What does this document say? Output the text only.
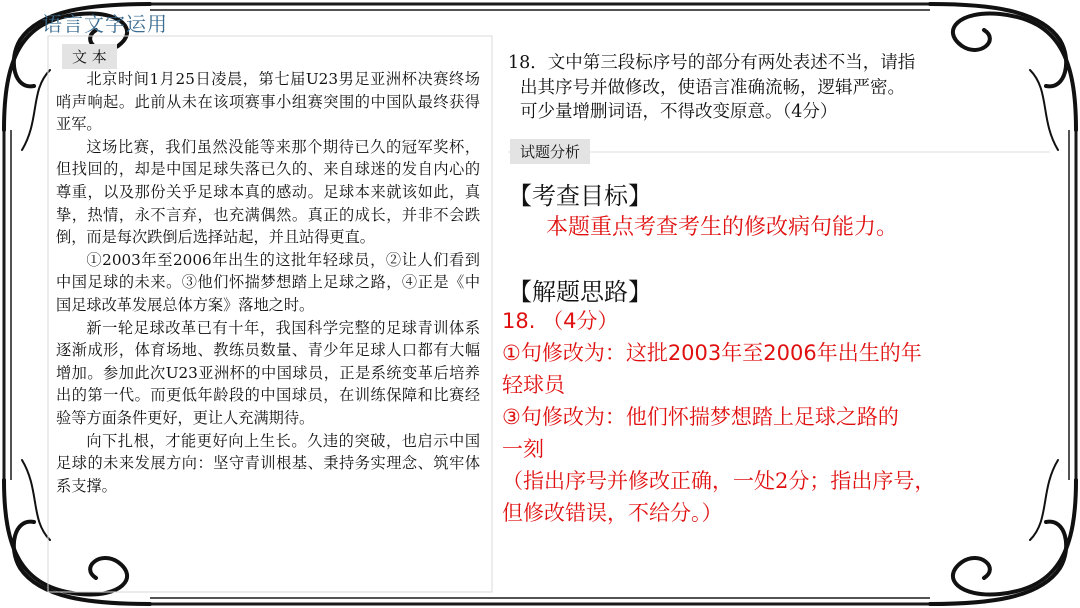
语言文字运用
文 本

北京时间1月25日凌晨，第七届U23男足亚洲杯决赛终场哨声响起。此前从未在该项赛事小组赛突围的中国队最终获得亚军。

这场比赛，我们虽然没能等来那个期待已久的冠军奖杯，但找回的，却是中国足球失落已久的、来自球迷的发自内心的尊重，以及那份关乎足球本真的感动。足球本来就该如此，真挚，热情，永不言弃，也充满偶然。真正的成长，并非不会跌倒，而是每次跌倒后选择站起，并且站得更直。

①2003年至2006年出生的这批年轻球员，②让人们看到中国足球的未来。③他们怀揣梦想踏上足球之路，④正是《中国足球改革发展总体方案》落地之时。

新一轮足球改革已有十年，我国科学完整的足球青训体系逐渐成形，体育场地、教练员数量、青少年足球人口都有大幅增加。参加此次U23亚洲杯的中国球员，正是系统变革后培养出的第一代。而更低年龄段的中国球员，在训练保障和比赛经验等方面条件更好，更让人充满期待。

向下扎根，才能更好向上生长。久违的突破，也启示中国足球的未来发展方向：坚守青训根基、秉持务实理念、筑牢体系支撑。

18．文中第三段标序号的部分有两处表述不当，请指
出其序号并做修改，使语言准确流畅，逻辑严密。
可少量增删词语，不得改变原意。（4分）
试题分析
【考查目标】
本题重点考查考生的修改病句能力。
【解题思路】
18. （4分）
①句修改为：这批2003年至2006年出生的年
轻球员
③句修改为：他们怀揣梦想踏上足球之路的
一刻
（指出序号并修改正确，一处2分；指出序号，
但修改错误，不给分。）
